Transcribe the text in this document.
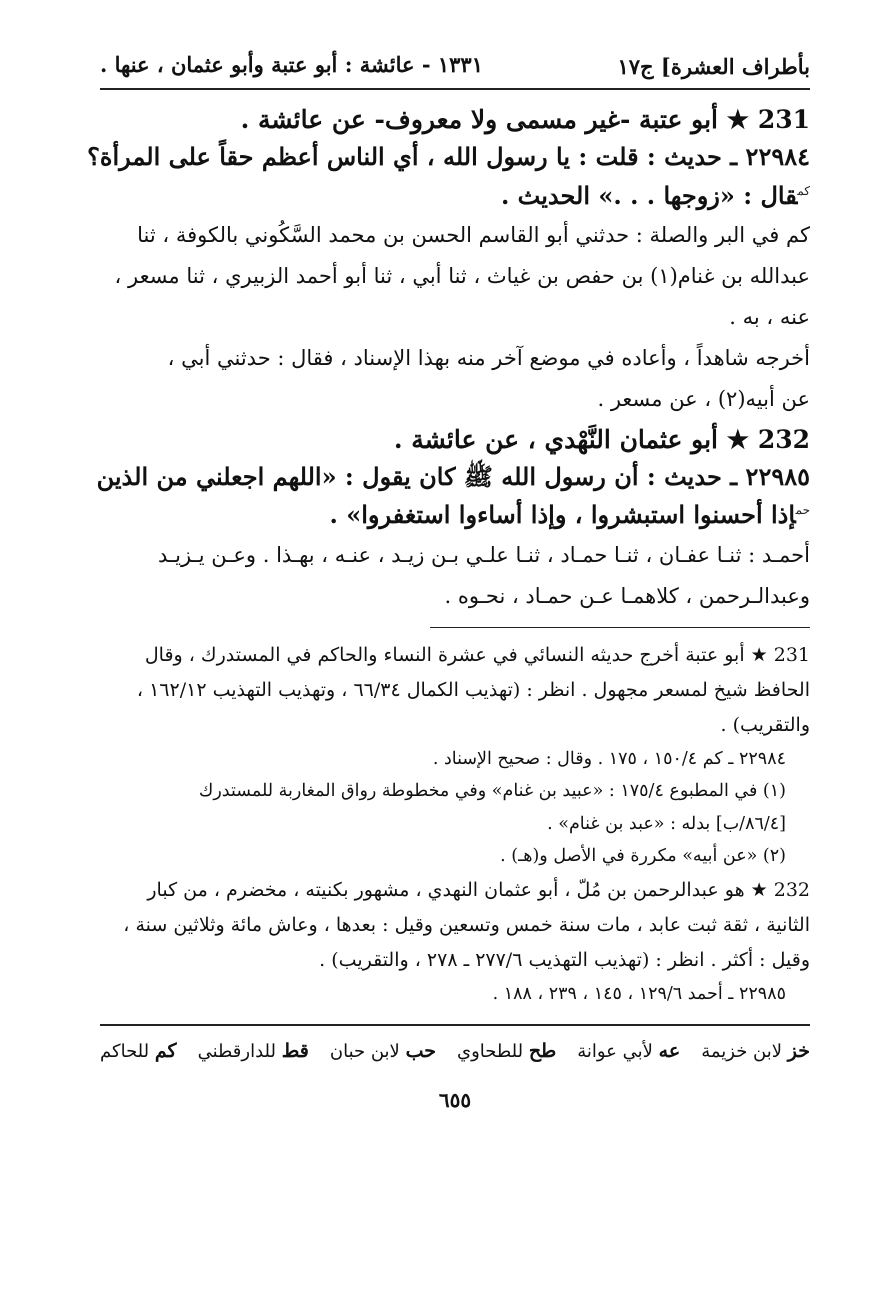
بأطراف العشرة] ج١٧
١٣٣١ - عائشة : أبو عتبة وأبو عثمان ، عنها .
231 ★ أبو عتبة -غير مسمى ولا معروف- عن عائشة .
٢٢٩٨٤ ـ حديث : قلت : يا رسول الله ، أي الناس أعظم حقاً على المرأة؟
$^{كم}$قال : «زوجها . . .» الحديث .
كم في البر والصلة : حدثني أبو القاسم الحسن بن محمد السَّكُوني بالكوفة ، ثنا
عبدالله بن غنام(١) بن حفص بن غياث ، ثنا أبي ، ثنا أبو أحمد الزبيري ، ثنا مسعر ،
عنه ، به .
أخرجه شاهداً ، وأعاده في موضع آخر منه بهذا الإسناد ، فقال : حدثني أبي ،
عن أبيه(٢) ، عن مسعر .
232 ★ أبو عثمان النَّهْدي ، عن عائشة .
٢٢٩٨٥ ـ حديث : أن رسول الله ﷺ كان يقول : «اللهم اجعلني من الذين
$^{حم}$إذا أحسنوا استبشروا ، وإذا أساءوا استغفروا» .
أحمـد : ثنـا عفـان ، ثنـا حمـاد ، ثنـا علـي بـن زيـد ، عنـه ، بهـذا . وعـن يـزيـد
وعبدالـرحمن ، كلاهمـا عـن حمـاد ، نحـوه .
231 ★ أبو عتبة أخرج حديثه النسائي في عشرة النساء والحاكم في المستدرك ، وقال
الحافظ شيخ لمسعر مجهول . انظر : (تهذيب الكمال ٦٦/٣٤ ، وتهذيب التهذيب ١٦٢/١٢ ،
والتقريب) .
٢٢٩٨٤ ـ كم ١٥٠/٤ ، ١٧٥ . وقال : صحيح الإسناد .
(١) في المطبوع ١٧٥/٤ : «عبيد بن غنام» وفي مخطوطة رواق المغاربة للمستدرك
[٨٦/٤/ب] بدله : «عبد بن غنام» .
(٢) «عن أبيه» مكررة في الأصل و(هـ) .
232 ★ هو عبدالرحمن بن مُلّ ، أبو عثمان النهدي ، مشهور بكنيته ، مخضرم ، من كبار
الثانية ، ثقة ثبت عابد ، مات سنة خمس وتسعين وقيل : بعدها ، وعاش مائة وثلاثين سنة ،
وقيل : أكثر . انظر : (تهذيب التهذيب ٢٧٧/٦ ـ ٢٧٨ ، والتقريب) .
٢٢٩٨٥ ـ أحمد ١٢٩/٦ ، ١٤٥ ، ٢٣٩ ، ١٨٨ .
خز لابن خزيمة
عه لأبي عوانة
طح للطحاوي
حب لابن حبان
قط للدارقطني
كم للحاكم
٦٥٥
